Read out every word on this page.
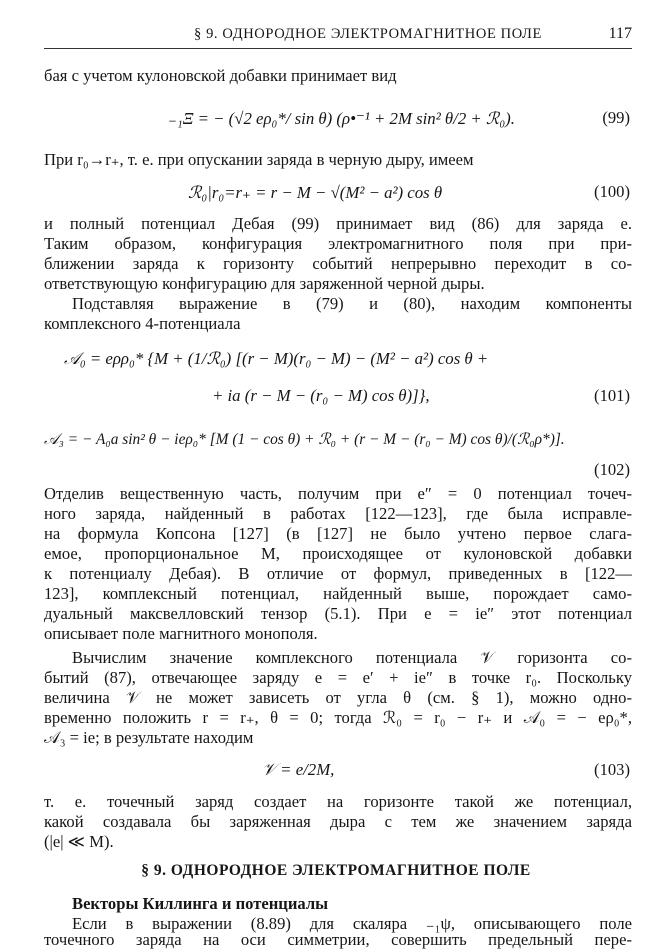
§ 9. ОДНОРОДНОЕ ЭЛЕКТРОМАГНИТНОЕ ПОЛЕ	117
бая с учетом кулоновской добавки принимает вид
₋₁Ξ = − (√2 eρ₀*/ sin θ) (ρ•⁻¹ + 2M sin² θ/2 + ℛ₀).	(99)
При r₀→r₊, т. е. при опускании заряда в черную дыру, имеем
ℛ₀|r₀=r₊ = r − M − √(M² − a²) cos θ	(100)
и полный потенциал Дебая (99) принимает вид (86) для заряда e.
Таким образом, конфигурация электромагнитного поля при при-
ближении заряда к горизонту событий непрерывно переходит в со-
ответствующую конфигурацию для заряженной черной дыры.
Подставляя выражение в (79) и (80), находим компоненты
комплексного 4-потенциала
𝒜₀ = eρρ₀* {M + (1/ℛ₀) [(r − M)(r₀ − M) − (M² − a²) cos θ +
+ ia (r − M − (r₀ − M) cos θ)]},	(101)
𝒜₃ = − A₀a sin² θ − ieρ₀* [M (1 − cos θ) + ℛ₀ + (r − M − (r₀ − M) cos θ)/(ℛ₀ρ*)].
(102)
Отделив вещественную часть, получим при e″ = 0 потенциал точеч-
ного заряда, найденный в работах [122—123], где была исправле-
на формула Копсона [127] (в [127] не было учтено первое слага-
емое, пропорциональное M, происходящее от кулоновской добавки
к потенциалу Дебая). В отличие от формул, приведенных в [122—
123], комплексный потенциал, найденный выше, порождает само-
дуальный максвелловский тензор (5.1). При e = ie″ этот потенциал
описывает поле магнитного монополя.
Вычислим значение комплексного потенциала 𝒱 горизонта со-
бытий (87), отвечающее заряду e = e′ + ie″ в точке r₀. Поскольку
величина 𝒱 не может зависеть от угла θ (см. § 1), можно одно-
временно положить r = r₊, θ = 0; тогда ℛ₀ = r₀ − r₊ и 𝒜₀ = − eρ₀*,
𝒜₃ = ie; в результате находим
𝒱 = e/2M,	(103)
т. е. точечный заряд создает на горизонте такой же потенциал,
какой создавала бы заряженная дыра с тем же значением заряда
(|e| ≪ M).
§ 9. ОДНОРОДНОЕ ЭЛЕКТРОМАГНИТНОЕ ПОЛЕ
Векторы Киллинга и потенциалы
Если в выражении (8.89) для скаляра ₋₁ψ, описывающего поле
точечного заряда на оси симметрии, совершить предельный пере-
